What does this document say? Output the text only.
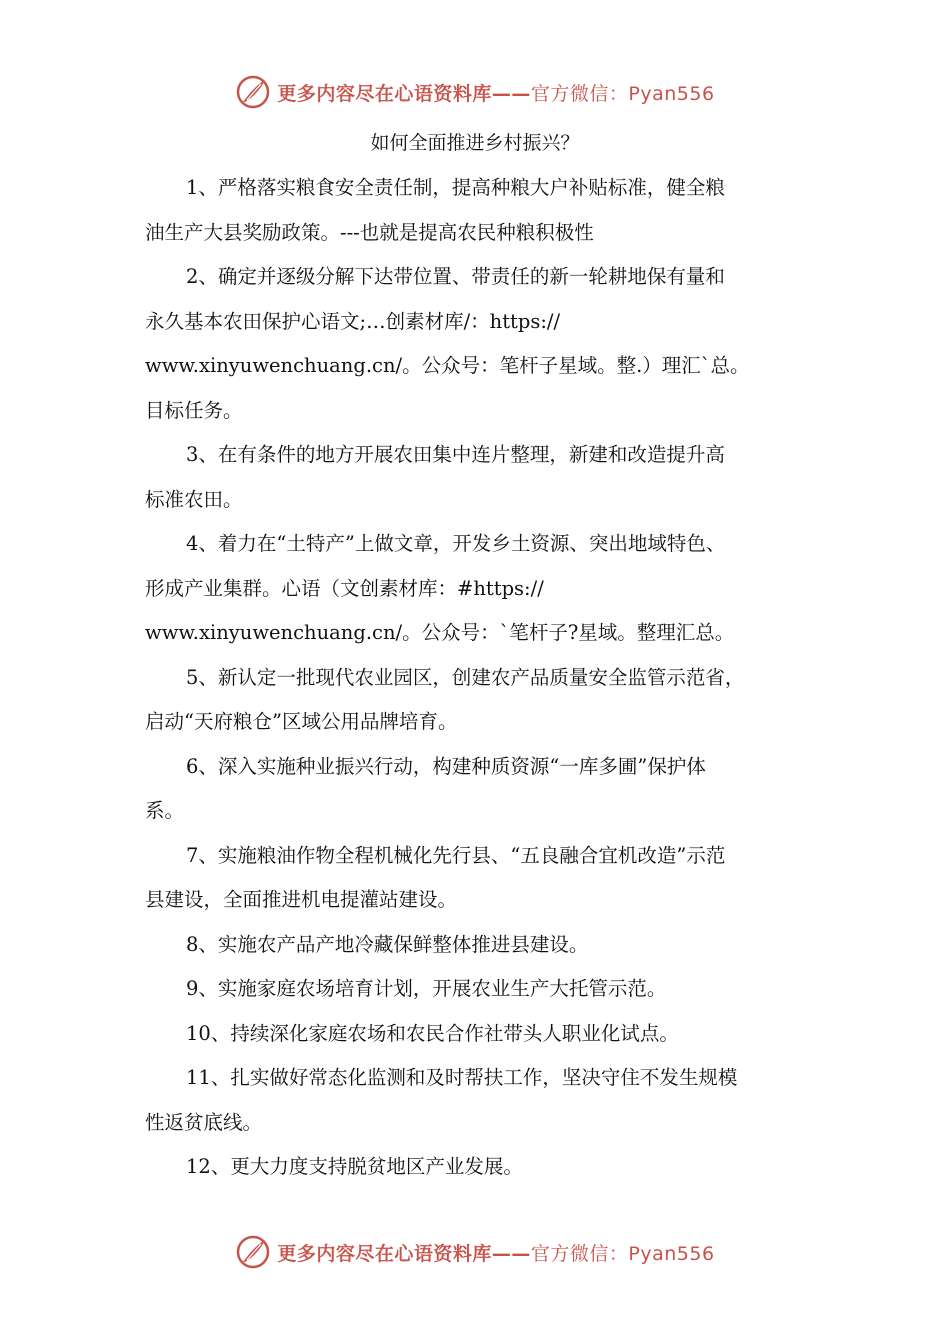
更多内容尽在心语资料库——官方微信：Pyan556
如何全面推进乡村振兴？

1、严格落实粮食安全责任制，提高种粮大户补贴标准，健全粮
油生产大县奖励政策。---也就是提高农民种粮积极性

2、确定并逐级分解下达带位置、带责任的新一轮耕地保有量和
永久基本农田保护心语文;…创素材库/：https://
www.xinyuwenchuang.cn/。公众号：笔杆子星域。整.）理汇`总。
目标任务。

3、在有条件的地方开展农田集中连片整理，新建和改造提升高
标准农田。

4、着力在“土特产”上做文章，开发乡土资源、突出地域特色、
形成产业集群。心语（文创素材库：#https://
www.xinyuwenchuang.cn/。公众号：`笔杆子?星域。整理汇总。

5、新认定一批现代农业园区，创建农产品质量安全监管示范省，
启动“天府粮仓”区域公用品牌培育。

6、深入实施种业振兴行动，构建种质资源“一库多圃”保护体
系。

7、实施粮油作物全程机械化先行县、“五良融合宜机改造”示范
县建设，全面推进机电提灌站建设。

8、实施农产品产地冷藏保鲜整体推进县建设。

9、实施家庭农场培育计划，开展农业生产大托管示范。

10、持续深化家庭农场和农民合作社带头人职业化试点。

11、扎实做好常态化监测和及时帮扶工作，坚决守住不发生规模
性返贫底线。

12、更大力度支持脱贫地区产业发展。

更多内容尽在心语资料库——官方微信：Pyan556
